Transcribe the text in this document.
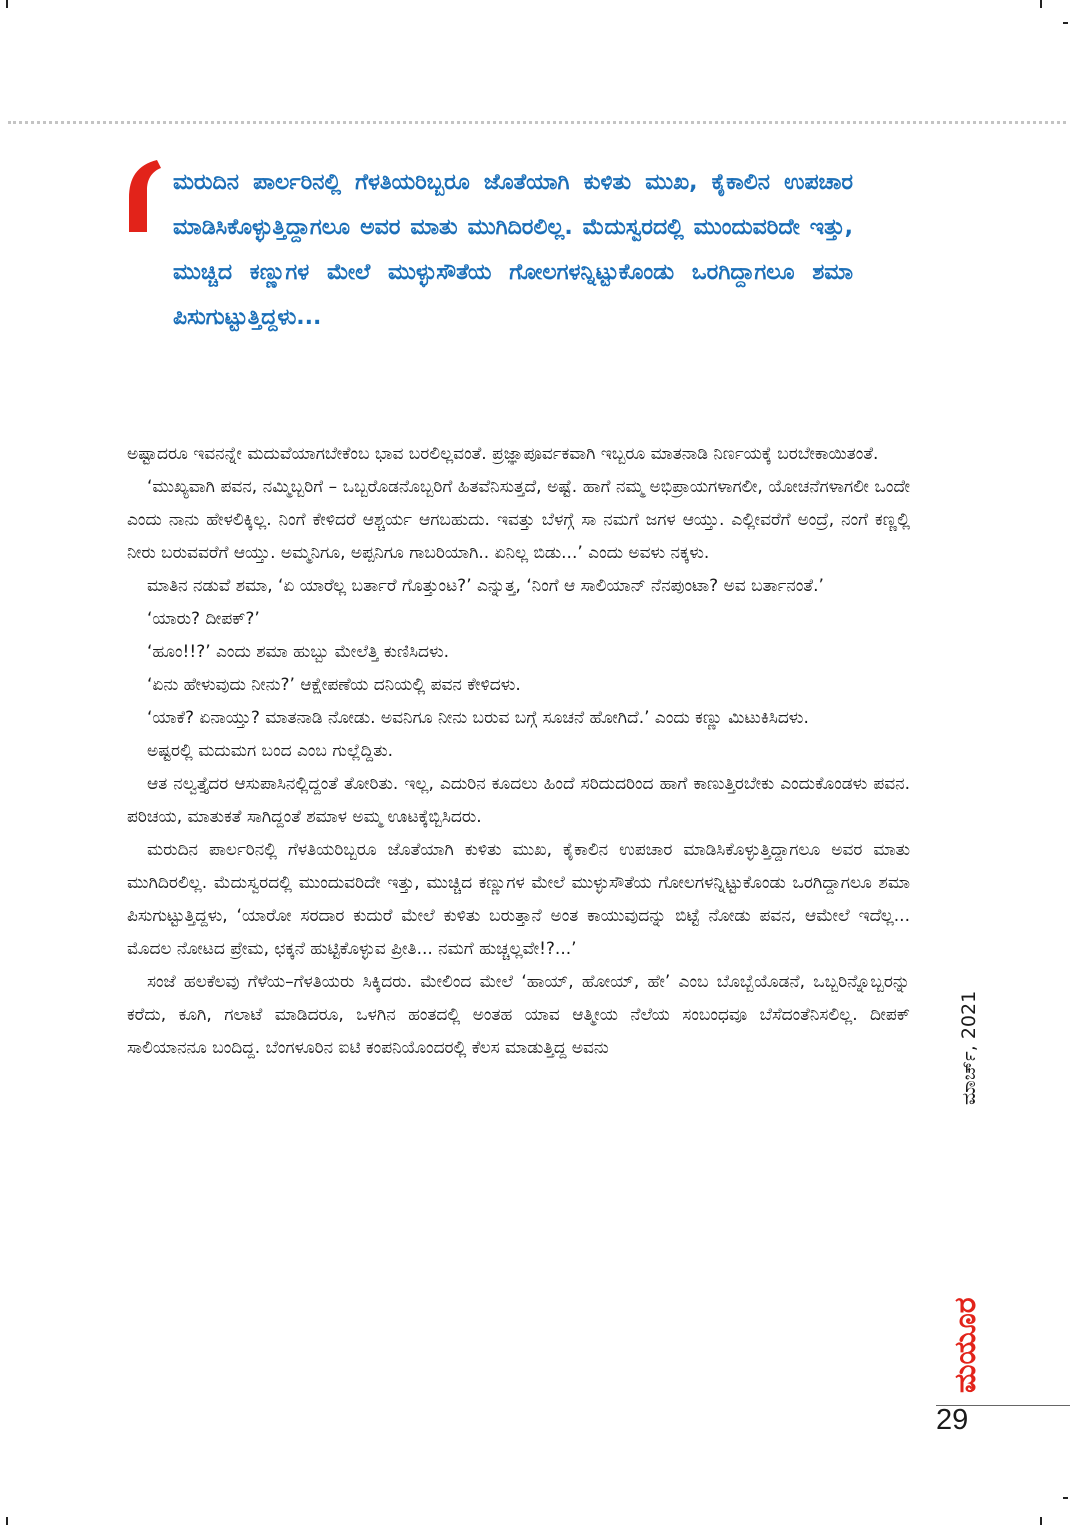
ಮರುದಿನ ಪಾರ್ಲರಿನಲ್ಲಿ ಗೆಳತಿಯರಿಬ್ಬರೂ ಜೊತೆಯಾಗಿ ಕುಳಿತು ಮುಖ, ಕೈಕಾಲಿನ ಉಪಚಾರ ಮಾಡಿಸಿಕೊಳ್ಳುತ್ತಿದ್ದಾಗಲೂ ಅವರ ಮಾತು ಮುಗಿದಿರಲಿಲ್ಲ. ಮೆದುಸ್ವರದಲ್ಲಿ ಮುಂದುವರಿದೇ ಇತ್ತು, ಮುಚ್ಚಿದ ಕಣ್ಣುಗಳ ಮೇಲೆ ಮುಳ್ಳುಸೌತೆಯ ಗೋಲಗಳನ್ನಿಟ್ಟುಕೊಂಡು ಒರಗಿದ್ದಾಗಲೂ ಶಮಾ ಪಿಸುಗುಟ್ಟುತ್ತಿದ್ದಳು...

ಅಷ್ಟಾದರೂ ಇವನನ್ನೇ ಮದುವೆಯಾಗಬೇಕೆಂಬ ಭಾವ ಬರಲಿಲ್ಲವಂತೆ. ಪ್ರಜ್ಞಾಪೂರ್ವಕವಾಗಿ ಇಬ್ಬರೂ ಮಾತನಾಡಿ ನಿರ್ಣಯಕ್ಕೆ ಬರಬೇಕಾಯಿತಂತೆ.

‘ಮುಖ್ಯವಾಗಿ ಪವನ, ನಮ್ಮಿಬ್ಬರಿಗೆ – ಒಬ್ಬರೊಡನೊಬ್ಬರಿಗೆ ಹಿತವೆನಿಸುತ್ತದೆ, ಅಷ್ಟೆ. ಹಾಗೆ ನಮ್ಮ ಅಭಿಪ್ರಾಯಗಳಾಗಲೀ, ಯೋಚನೆಗಳಾಗಲೀ ಒಂದೇ ಎಂದು ನಾನು ಹೇಳಲಿಕ್ಕಿಲ್ಲ. ನಿಂಗೆ ಕೇಳಿದರೆ ಆಶ್ಚರ್ಯ ಆಗಬಹುದು. ಇವತ್ತು ಬೆಳಗ್ಗೆ ಸಾ ನಮಗೆ ಜಗಳ ಆಯ್ತು. ಎಲ್ಲೀವರೆಗೆ ಅಂದ್ರೆ, ನಂಗೆ ಕಣ್ಣಲ್ಲಿ ನೀರು ಬರುವವರೆಗೆ ಆಯ್ತು. ಅಮ್ಮನಿಗೂ, ಅಪ್ಪನಿಗೂ ಗಾಬರಿಯಾಗಿ.. ಏನಿಲ್ಲ ಬಿಡು...’ ಎಂದು ಅವಳು ನಕ್ಕಳು.

ಮಾತಿನ ನಡುವೆ ಶಮಾ, ‘ಏ ಯಾರೆಲ್ಲ ಬರ್ತಾರೆ ಗೊತ್ತುಂಟ?’ ಎನ್ನುತ್ತ, ‘ನಿಂಗೆ ಆ ಸಾಲಿಯಾನ್ ನೆನಪುಂಟಾ? ಅವ ಬರ್ತಾನಂತೆ.’

‘ಯಾರು? ದೀಪಕ್?’

‘ಹೂಂ!!?’ ಎಂದು ಶಮಾ ಹುಬ್ಬು ಮೇಲೆತ್ತಿ ಕುಣಿಸಿದಳು.

‘ಏನು ಹೇಳುವುದು ನೀನು?’ ಆಕ್ಷೇಪಣೆಯ ದನಿಯಲ್ಲಿ ಪವನ ಕೇಳಿದಳು.

‘ಯಾಕೆ? ಏನಾಯ್ತು? ಮಾತನಾಡಿ ನೋಡು. ಅವನಿಗೂ ನೀನು ಬರುವ ಬಗ್ಗೆ ಸೂಚನೆ ಹೋಗಿದೆ.’ ಎಂದು ಕಣ್ಣು ಮಿಟುಕಿಸಿದಳು.

ಅಷ್ಟರಲ್ಲಿ ಮದುಮಗ ಬಂದ ಎಂಬ ಗುಲ್ಲೆದ್ದಿತು.

ಆತ ನಲ್ವತ್ತೈದರ ಆಸುಪಾಸಿನಲ್ಲಿದ್ದಂತೆ ತೋರಿತು. ಇಲ್ಲ, ಎದುರಿನ ಕೂದಲು ಹಿಂದೆ ಸರಿದುದರಿಂದ ಹಾಗೆ ಕಾಣುತ್ತಿರಬೇಕು ಎಂದುಕೊಂಡಳು ಪವನ. ಪರಿಚಯ, ಮಾತುಕತೆ ಸಾಗಿದ್ದಂತೆ ಶಮಾಳ ಅಮ್ಮ ಊಟಕ್ಕೆಬ್ಬಿಸಿದರು.

ಮರುದಿನ ಪಾರ್ಲರಿನಲ್ಲಿ ಗೆಳತಿಯರಿಬ್ಬರೂ ಜೊತೆಯಾಗಿ ಕುಳಿತು ಮುಖ, ಕೈಕಾಲಿನ ಉಪಚಾರ ಮಾಡಿಸಿಕೊಳ್ಳುತ್ತಿದ್ದಾಗಲೂ ಅವರ ಮಾತು ಮುಗಿದಿರಲಿಲ್ಲ. ಮೆದುಸ್ವರದಲ್ಲಿ ಮುಂದುವರಿದೇ ಇತ್ತು, ಮುಚ್ಚಿದ ಕಣ್ಣುಗಳ ಮೇಲೆ ಮುಳ್ಳುಸೌತೆಯ ಗೋಲಗಳನ್ನಿಟ್ಟುಕೊಂಡು ಒರಗಿದ್ದಾಗಲೂ ಶಮಾ ಪಿಸುಗುಟ್ಟುತ್ತಿದ್ದಳು, ‘ಯಾರೋ ಸರದಾರ ಕುದುರೆ ಮೇಲೆ ಕುಳಿತು ಬರುತ್ತಾನೆ ಅಂತ ಕಾಯುವುದನ್ನು ಬಿಟ್ಟೆ ನೋಡು ಪವನ, ಆಮೇಲೆ ಇದೆಲ್ಲ... ಮೊದಲ ನೋಟದ ಪ್ರೇಮ, ಛಕ್ಕನೆ ಹುಟ್ಟಿಕೊಳ್ಳುವ ಪ್ರೀತಿ... ನಮಗೆ ಹುಚ್ಚಲ್ಲವೇ!?...’

ಸಂಜೆ ಹಲಕೆಲವು ಗೆಳೆಯ–ಗೆಳತಿಯರು ಸಿಕ್ಕಿದರು. ಮೇಲಿಂದ ಮೇಲೆ ‘ಹಾಯ್, ಹೋಯ್, ಹೇ’ ಎಂಬ ಬೊಬ್ಬೆಯೊಡನೆ, ಒಬ್ಬರಿನ್ನೊಬ್ಬರನ್ನು ಕರೆದು, ಕೂಗಿ, ಗಲಾಟೆ ಮಾಡಿದರೂ, ಒಳಗಿನ ಹಂತದಲ್ಲಿ ಅಂತಹ ಯಾವ ಆತ್ಮೀಯ ನೆಲೆಯ ಸಂಬಂಧವೂ ಬೆಸೆದಂತೆನಿಸಲಿಲ್ಲ. ದೀಪಕ್ ಸಾಲಿಯಾನನೂ ಬಂದಿದ್ದ. ಬೆಂಗಳೂರಿನ ಐಟಿ ಕಂಪನಿಯೊಂದರಲ್ಲಿ ಕೆಲಸ ಮಾಡುತ್ತಿದ್ದ ಅವನು	ಮಾರ್ಚ್, 2021
ಮಯೂರ
29
